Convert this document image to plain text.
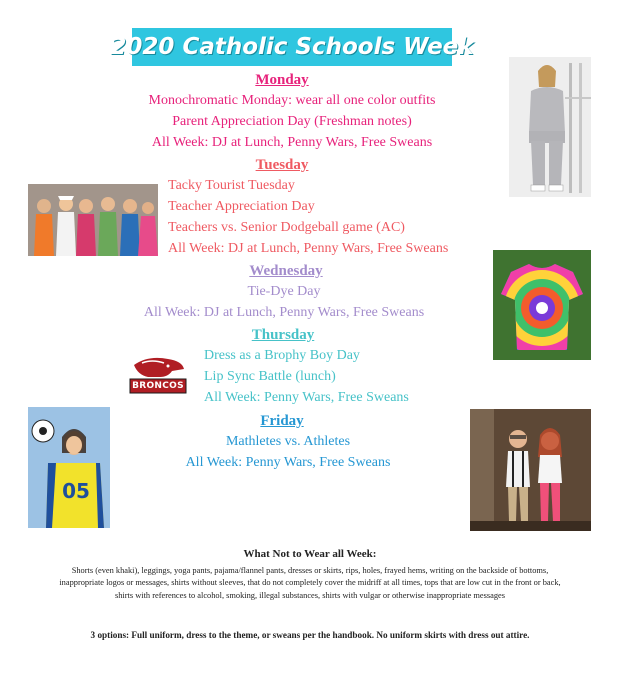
2020 Catholic Schools Week
Monday
Monochromatic Monday: wear all one color outfits
Parent Appreciation Day (Freshman notes)
All Week: DJ at Lunch, Penny Wars, Free Sweans
Tuesday
Tacky Tourist Tuesday
Teacher Appreciation Day
Teachers vs. Senior Dodgeball game (AC)
All Week: DJ at Lunch, Penny Wars, Free Sweans
Wednesday
Tie-Dye Day
All Week: DJ at Lunch, Penny Wars, Free Sweans
Thursday
Dress as a Brophy Boy Day
Lip Sync Battle (lunch)
All Week: Penny Wars, Free Sweans
Friday
Mathletes vs. Athletes
All Week: Penny Wars, Free Sweans
BRONCOS
05
What Not to Wear all Week:
Shorts (even khaki), leggings, yoga pants, pajama/flannel pants, dresses or skirts, rips, holes, frayed hems, writing on the backside of bottoms, inappropriate logos or messages, shirts without sleeves, that do not completely cover the midriff at all times, tops that are low cut in the front or back, shirts with references to alcohol, smoking, illegal substances, shirts with vulgar or otherwise inappropriate messages
3 options: Full uniform, dress to the theme, or sweans per the handbook. No uniform skirts with dress out attire.
